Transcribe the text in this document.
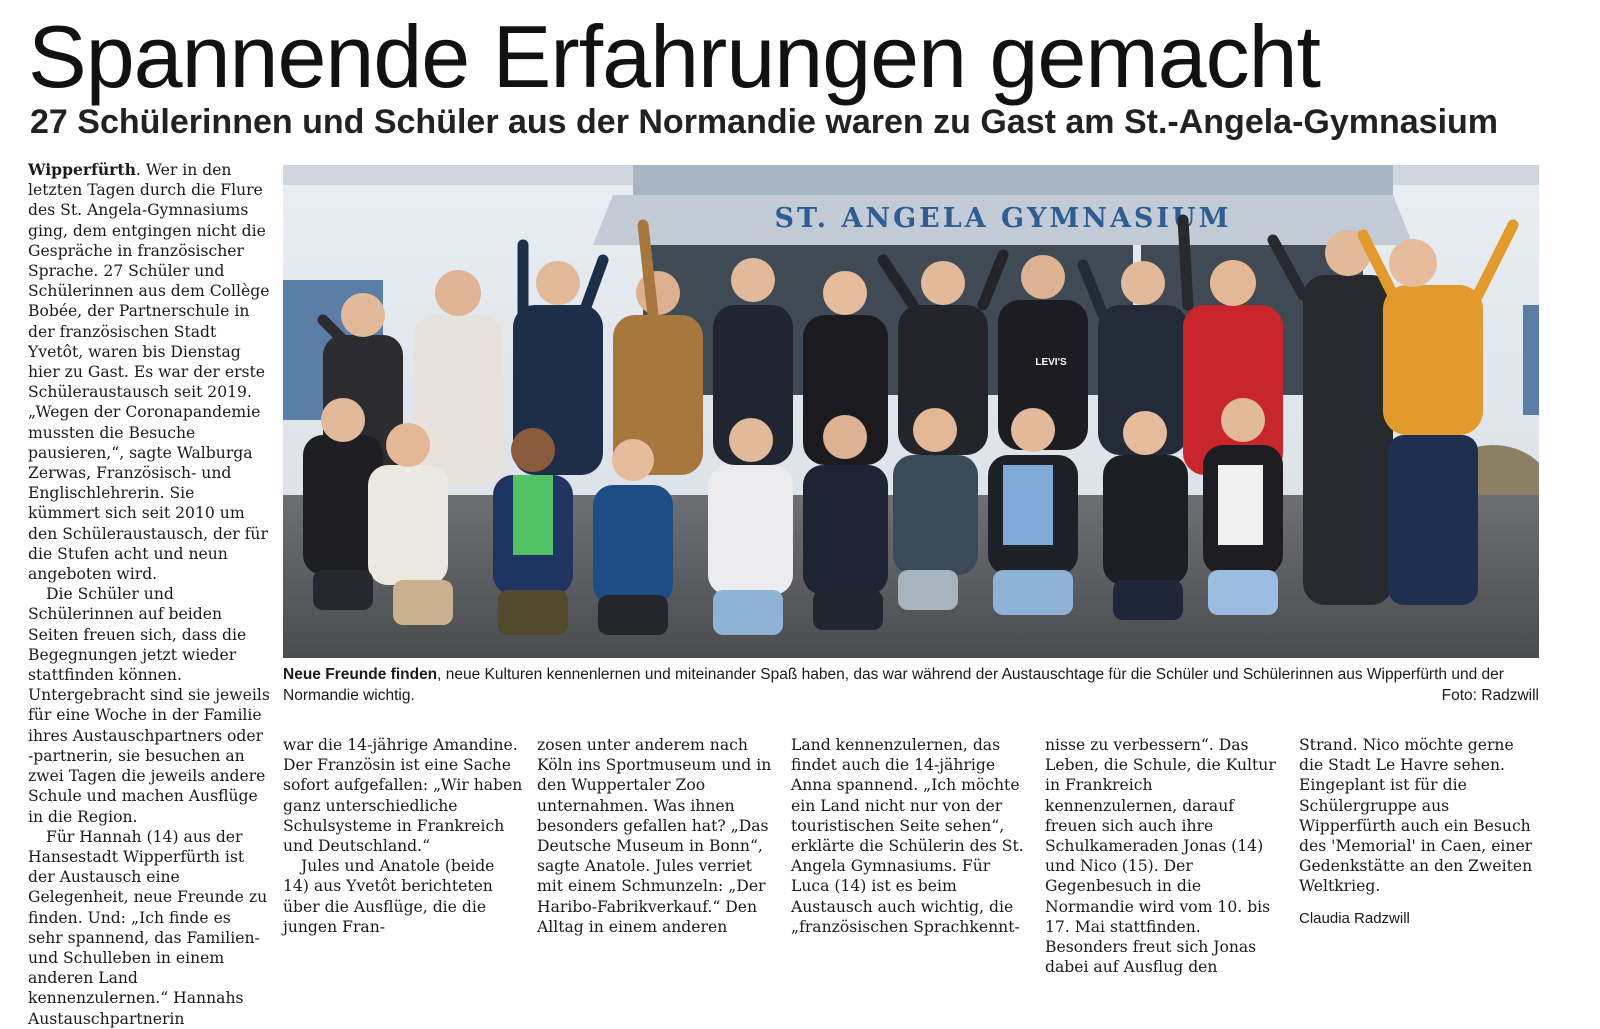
Spannende Erfahrungen gemacht
27 Schülerinnen und Schüler aus der Normandie waren zu Gast am St.-Angela-Gymnasium

Wipperfürth. Wer in den letzten Tagen durch die Flure des St. Angela-Gymnasiums ging, dem entgingen nicht die Gespräche in französischer Sprache. 27 Schüler und Schülerinnen aus dem Collège Bobée, der Partnerschule in der französischen Stadt Yvetôt, waren bis Dienstag hier zu Gast. Es war der erste Schüleraustausch seit 2019. „Wegen der Coronapandemie mussten die Besuche pausieren,“, sagte Walburga Zerwas, Französisch- und Englischlehrerin. Sie kümmert sich seit 2010 um den Schüleraustausch, der für die Stufen acht und neun angeboten wird.

Die Schüler und Schülerinnen auf beiden Seiten freuen sich, dass die Begegnungen jetzt wieder stattfinden können. Untergebracht sind sie jeweils für eine Woche in der Familie ihres Austauschpartners oder -partnerin, sie besuchen an zwei Tagen die jeweils andere Schule und machen Ausflüge in die Region.

Für Hannah (14) aus der Hansestadt Wipperfürth ist der Austausch eine Gelegenheit, neue Freunde zu finden. Und: „Ich finde es sehr spannend, das Familien- und Schulleben in einem anderen Land kennenzulernen.“ Hannahs Austauschpartnerin

ST. ANGELA GYMNASIUM
LEVI'S
Neue Freunde finden, neue Kulturen kennenlernen und miteinander Spaß haben, das war während der Austauschtage für die Schüler und Schülerinnen aus Wipperfürth und der Normandie wichtig.	Foto: Radzwill

war die 14-jährige Amandine. Der Französin ist eine Sache sofort aufgefallen: „Wir haben ganz unterschiedliche Schulsysteme in Frankreich und Deutschland.“

Jules und Anatole (beide 14) aus Yvetôt berichteten über die Ausflüge, die die jungen Fran-

zosen unter anderem nach Köln ins Sportmuseum und in den Wuppertaler Zoo unternahmen. Was ihnen besonders gefallen hat? „Das Deutsche Museum in Bonn“, sagte Anatole. Jules verriet mit einem Schmunzeln: „Der Haribo-Fabrikverkauf.“ Den Alltag in einem anderen

Land kennenzulernen, das findet auch die 14-jährige Anna spannend. „Ich möchte ein Land nicht nur von der touristischen Seite sehen“, erklärte die Schülerin des St. Angela Gymnasiums. Für Luca (14) ist es beim Austausch auch wichtig, die „französischen Sprachkennt-

nisse zu verbessern“. Das Leben, die Schule, die Kultur in Frankreich kennenzulernen, darauf freuen sich auch ihre Schulkameraden Jonas (14) und Nico (15). Der Gegenbesuch in die Normandie wird vom 10. bis 17. Mai stattfinden. Besonders freut sich Jonas dabei auf Ausflug den

Strand. Nico möchte gerne die Stadt Le Havre sehen. Eingeplant ist für die Schülergruppe aus Wipperfürth auch ein Besuch des 'Memorial' in Caen, einer Gedenkstätte an den Zweiten Weltkrieg.

Claudia Radzwill
